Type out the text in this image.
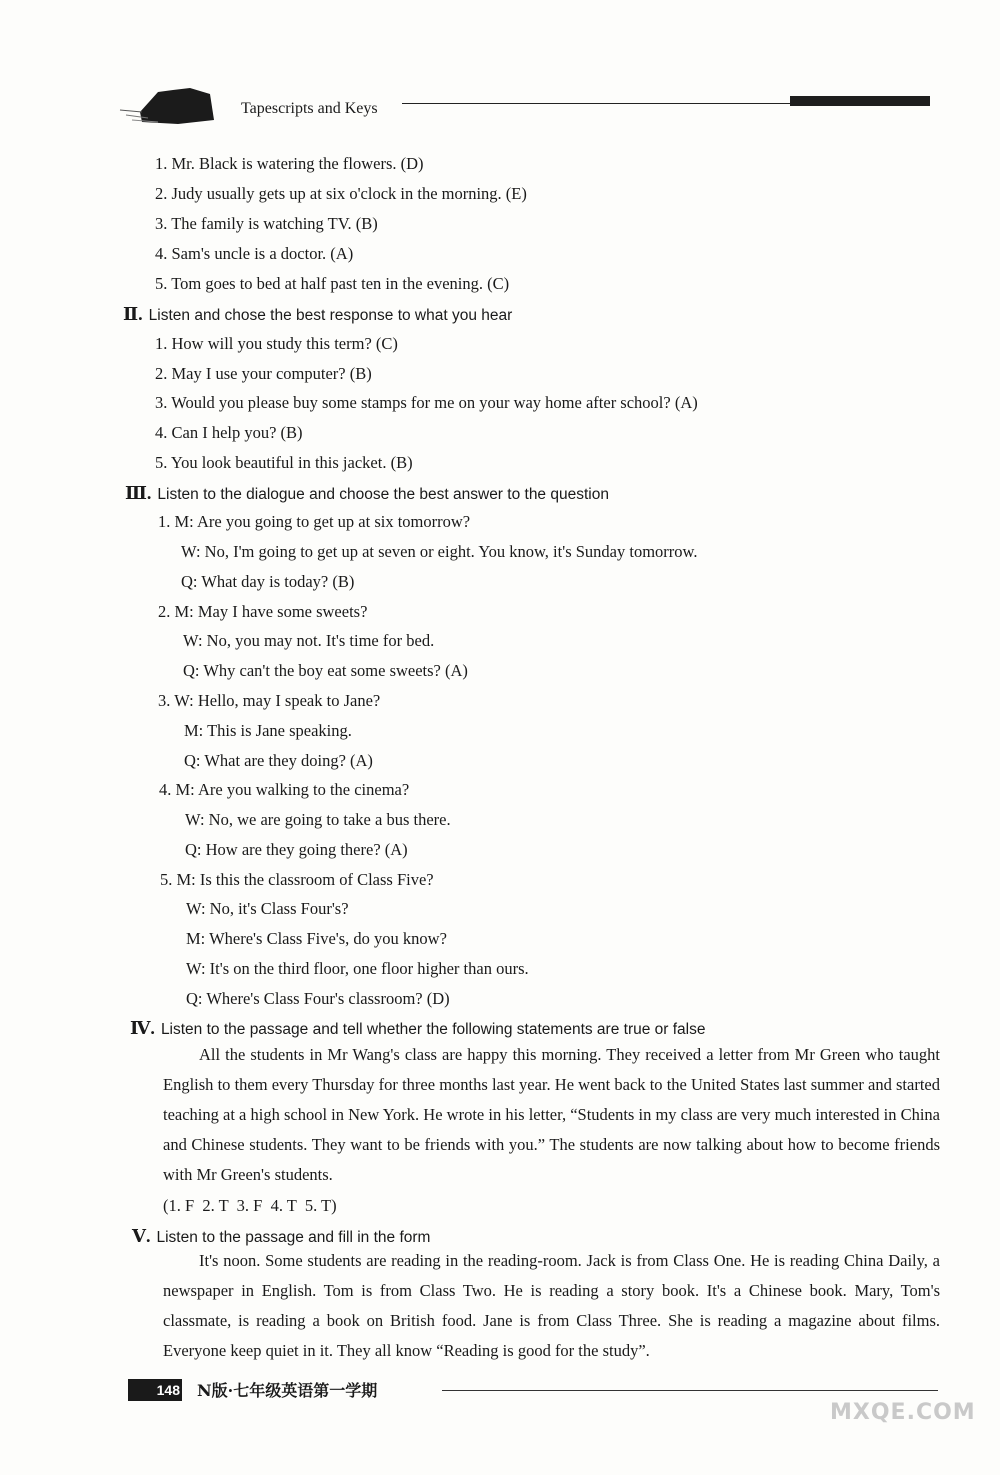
Tapescripts and Keys
1. Mr. Black is watering the flowers. (D)
2. Judy usually gets up at six o'clock in the morning. (E)
3. The family is watching TV. (B)
4. Sam's uncle is a doctor. (A)
5. Tom goes to bed at half past ten in the evening. (C)
Ⅱ. Listen and chose the best response to what you hear
1. How will you study this term? (C)
2. May I use your computer? (B)
3. Would you please buy some stamps for me on your way home after school? (A)
4. Can I help you? (B)
5. You look beautiful in this jacket. (B)
Ⅲ. Listen to the dialogue and choose the best answer to the question
1. M: Are you going to get up at six tomorrow?
W: No, I'm going to get up at seven or eight. You know, it's Sunday tomorrow.
Q: What day is today? (B)
2. M: May I have some sweets?
W: No, you may not. It's time for bed.
Q: Why can't the boy eat some sweets? (A)
3. W: Hello, may I speak to Jane?
M: This is Jane speaking.
Q: What are they doing? (A)
4. M: Are you walking to the cinema?
W: No, we are going to take a bus there.
Q: How are they going there? (A)
5. M: Is this the classroom of Class Five?
W: No, it's Class Four's?
M: Where's Class Five's, do you know?
W: It's on the third floor, one floor higher than ours.
Q: Where's Class Four's classroom? (D)
Ⅳ. Listen to the passage and tell whether the following statements are true or false
All the students in Mr Wang's class are happy this morning. They received a letter from Mr Green who taught English to them every Thursday for three months last year. He went back to the United States last summer and started teaching at a high school in New York. He wrote in his letter, “Students in my class are very much interested in China and Chinese students. They want to be friends with you.” The students are now talking about how to become friends with Mr Green's students.
(1. F  2. T  3. F  4. T  5. T)
Ⅴ. Listen to the passage and fill in the form
It's noon. Some students are reading in the reading-room. Jack is from Class One. He is reading China Daily, a newspaper in English. Tom is from Class Two. He is reading a story book. It's a Chinese book. Mary, Tom's classmate, is reading a book on British food. Jane is from Class Three. She is reading a magazine about films. Everyone keep quiet in it. They all know “Reading is good for the study”.
148 N版·七年级英语第一学期
MXQE.COM
